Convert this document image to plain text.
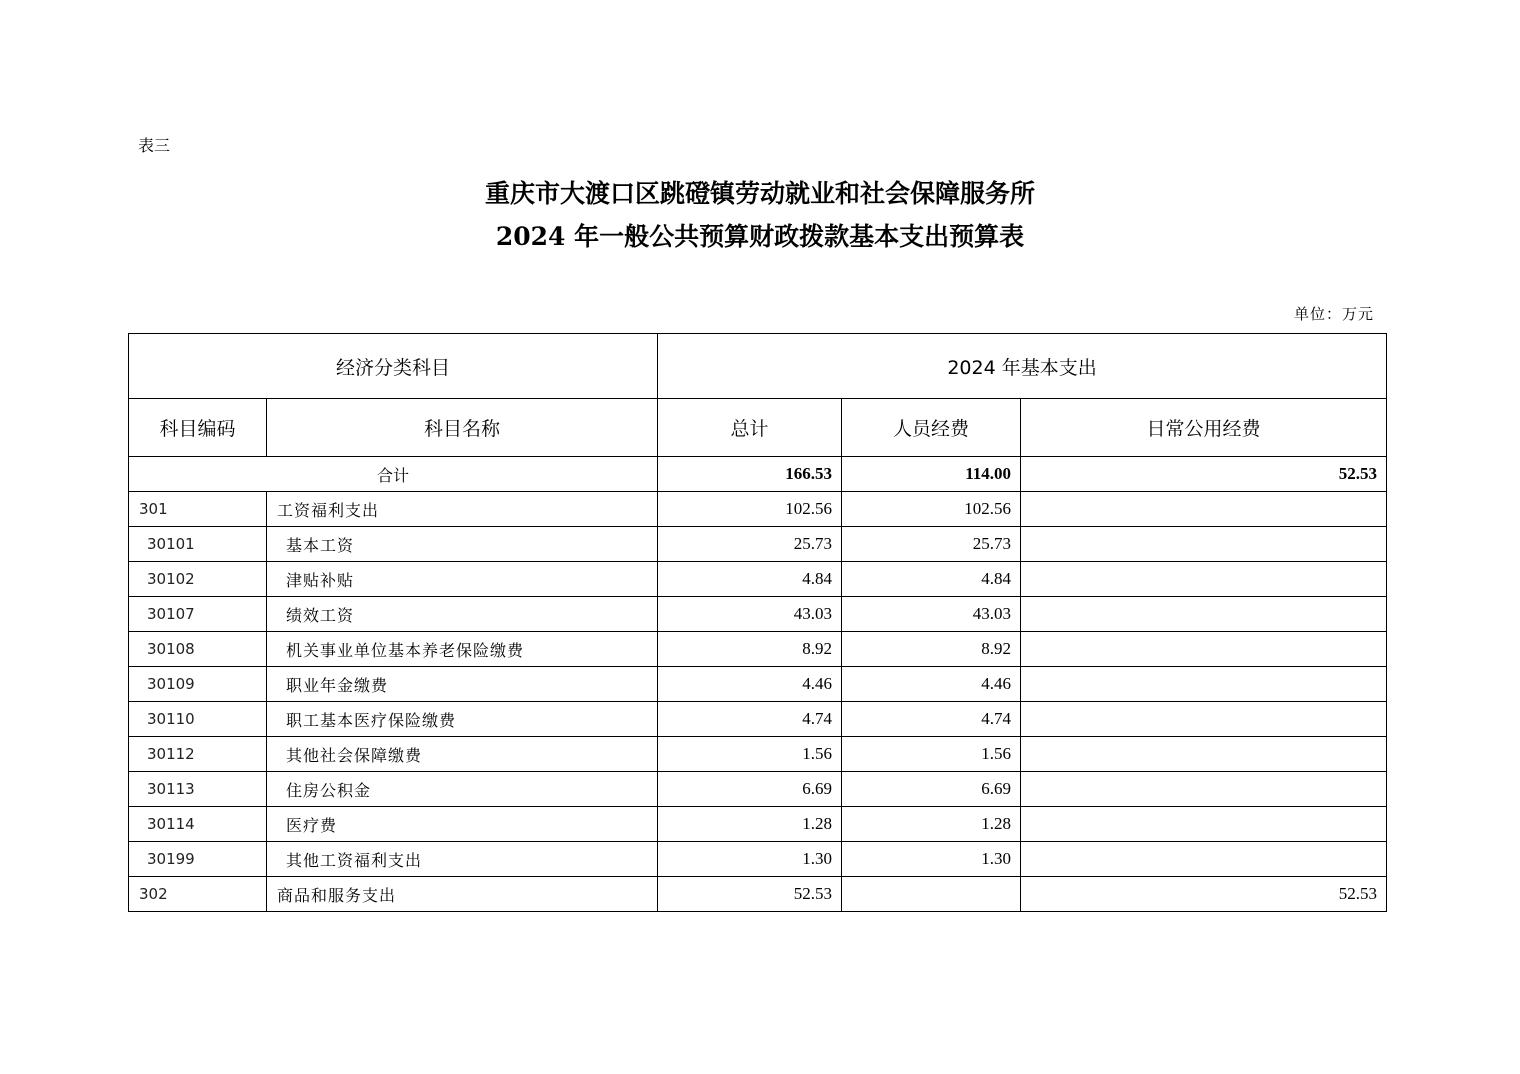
表三
重庆市大渡口区跳磴镇劳动就业和社会保障服务所
2024 年一般公共预算财政拨款基本支出预算表
单位：万元
经济分类科目		2024 年基本支出		
科目编码	科目名称	总计	人员经费	日常公用经费
合计		166.53	114.00	52.53
301	工资福利支出	102.56	102.56	
30101	基本工资	25.73	25.73	
30102	津贴补贴	4.84	4.84	
30107	绩效工资	43.03	43.03	
30108	机关事业单位基本养老保险缴费	8.92	8.92	
30109	职业年金缴费	4.46	4.46	
30110	职工基本医疗保险缴费	4.74	4.74	
30112	其他社会保障缴费	1.56	1.56	
30113	住房公积金	6.69	6.69	
30114	医疗费	1.28	1.28	
30199	其他工资福利支出	1.30	1.30	
302	商品和服务支出	52.53		52.53
